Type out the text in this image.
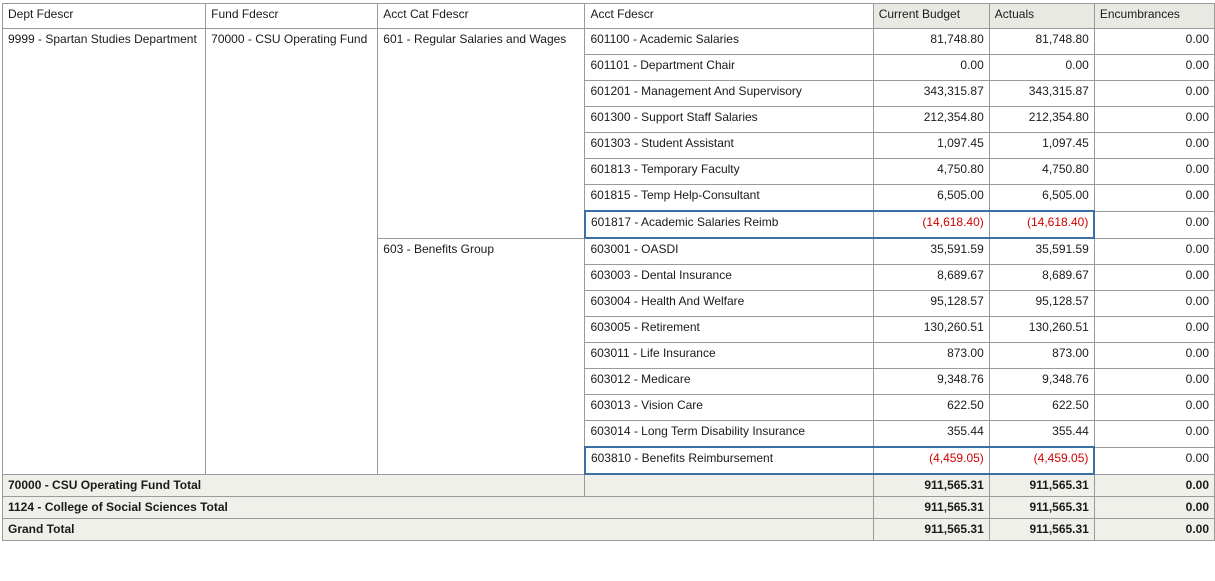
Dept Fdescr	Fund Fdescr	Acct Cat Fdescr	Acct Fdescr	Current Budget	Actuals	Encumbrances
9999 - Spartan Studies Department	70000 - CSU Operating Fund	601 - Regular Salaries and Wages	601100 - Academic Salaries	81,748.80	81,748.80	0.00
			601101 - Department Chair	0.00	0.00	0.00
			601201 - Management And Supervisory	343,315.87	343,315.87	0.00
			601300 - Support Staff Salaries	212,354.80	212,354.80	0.00
			601303 - Student Assistant	1,097.45	1,097.45	0.00
			601813 - Temporary Faculty	4,750.80	4,750.80	0.00
			601815 - Temp Help-Consultant	6,505.00	6,505.00	0.00
			601817 - Academic Salaries Reimb	(14,618.40)	(14,618.40)	0.00
		603 - Benefits Group	603001 - OASDI	35,591.59	35,591.59	0.00
			603003 - Dental Insurance	8,689.67	8,689.67	0.00
			603004 - Health And Welfare	95,128.57	95,128.57	0.00
			603005 - Retirement	130,260.51	130,260.51	0.00
			603011 - Life Insurance	873.00	873.00	0.00
			603012 - Medicare	9,348.76	9,348.76	0.00
			603013 - Vision Care	622.50	622.50	0.00
			603014 - Long Term Disability Insurance	355.44	355.44	0.00
			603810 - Benefits Reimbursement	(4,459.05)	(4,459.05)	0.00
70000 - CSU Operating Fund Total				911,565.31	911,565.31	0.00
1124 - College of Social Sciences Total				911,565.31	911,565.31	0.00
Grand Total				911,565.31	911,565.31	0.00
